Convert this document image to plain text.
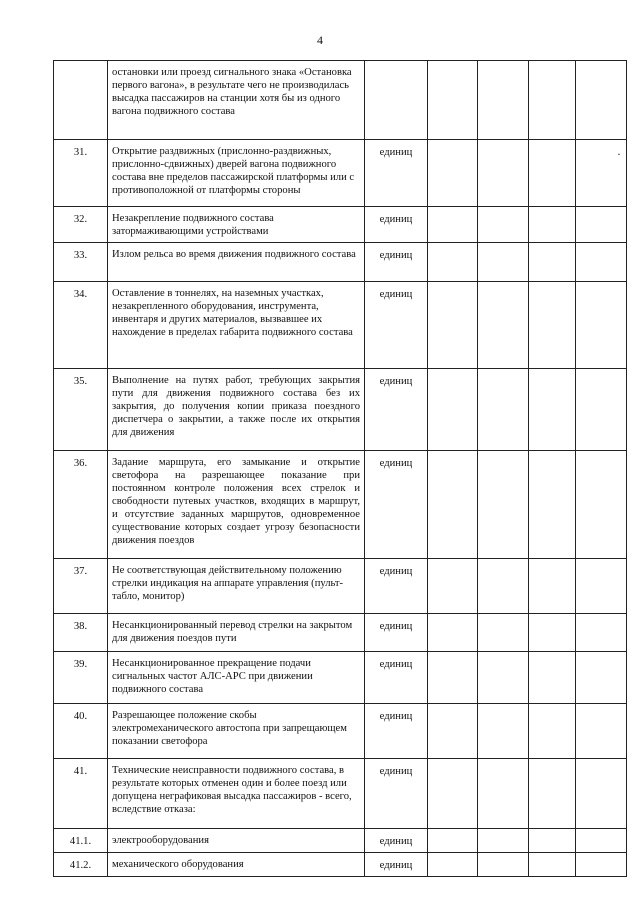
4
	остановки или проезд сигнального знака «Остановка первого вагона», в результате чего не производилась высадка пассажиров на станции хотя бы из одного вагона подвижного состава					
31.	Открытие раздвижных (прислонно-раздвижных, прислонно-сдвижных) дверей вагона подвижного состава вне пределов пассажирской платформы или с противоположной от платформы стороны	единиц				·
32.	Незакрепление подвижного состава затормаживающими устройствами	единиц				
33.	Излом рельса во время движения подвижного состава	единиц				
34.	Оставление в тоннелях, на наземных участках, незакрепленного оборудования, инструмента, инвентаря и других материалов, вызвавшее их нахождение в пределах габарита подвижного состава	единиц				
35.	Выполнение на путях работ, требующих закрытия пути для движения подвижного состава без их закрытия, до получения копии приказа поездного диспетчера о закрытии, а также после их открытия для движения	единиц				
36.	Задание маршрута, его замыкание и открытие светофора на разрешающее показание при постоянном контроле положения всех стрелок и свободности путевых участков, входящих в маршрут, и отсутствие заданных маршрутов, одновременное существование которых создает угрозу безопасности движения поездов	единиц				
37.	Не соответствующая действительному положению стрелки индикация на аппарате управления (пульт-табло, монитор)	единиц				
38.	Несанкционированный перевод стрелки на закрытом для движения поездов пути	единиц				
39.	Несанкционированное прекращение подачи сигнальных частот АЛС-АРС при движении подвижного состава	единиц				
40.	Разрешающее положение скобы электромеханического автостопа при запрещающем показании светофора	единиц				
41.	Технические неисправности подвижного состава, в результате которых отменен один и более поезд или допущена неграфиковая высадка пассажиров - всего, вследствие отказа:	единиц				
41.1.	электрооборудования	единиц				
41.2.	механического оборудования	единиц				
